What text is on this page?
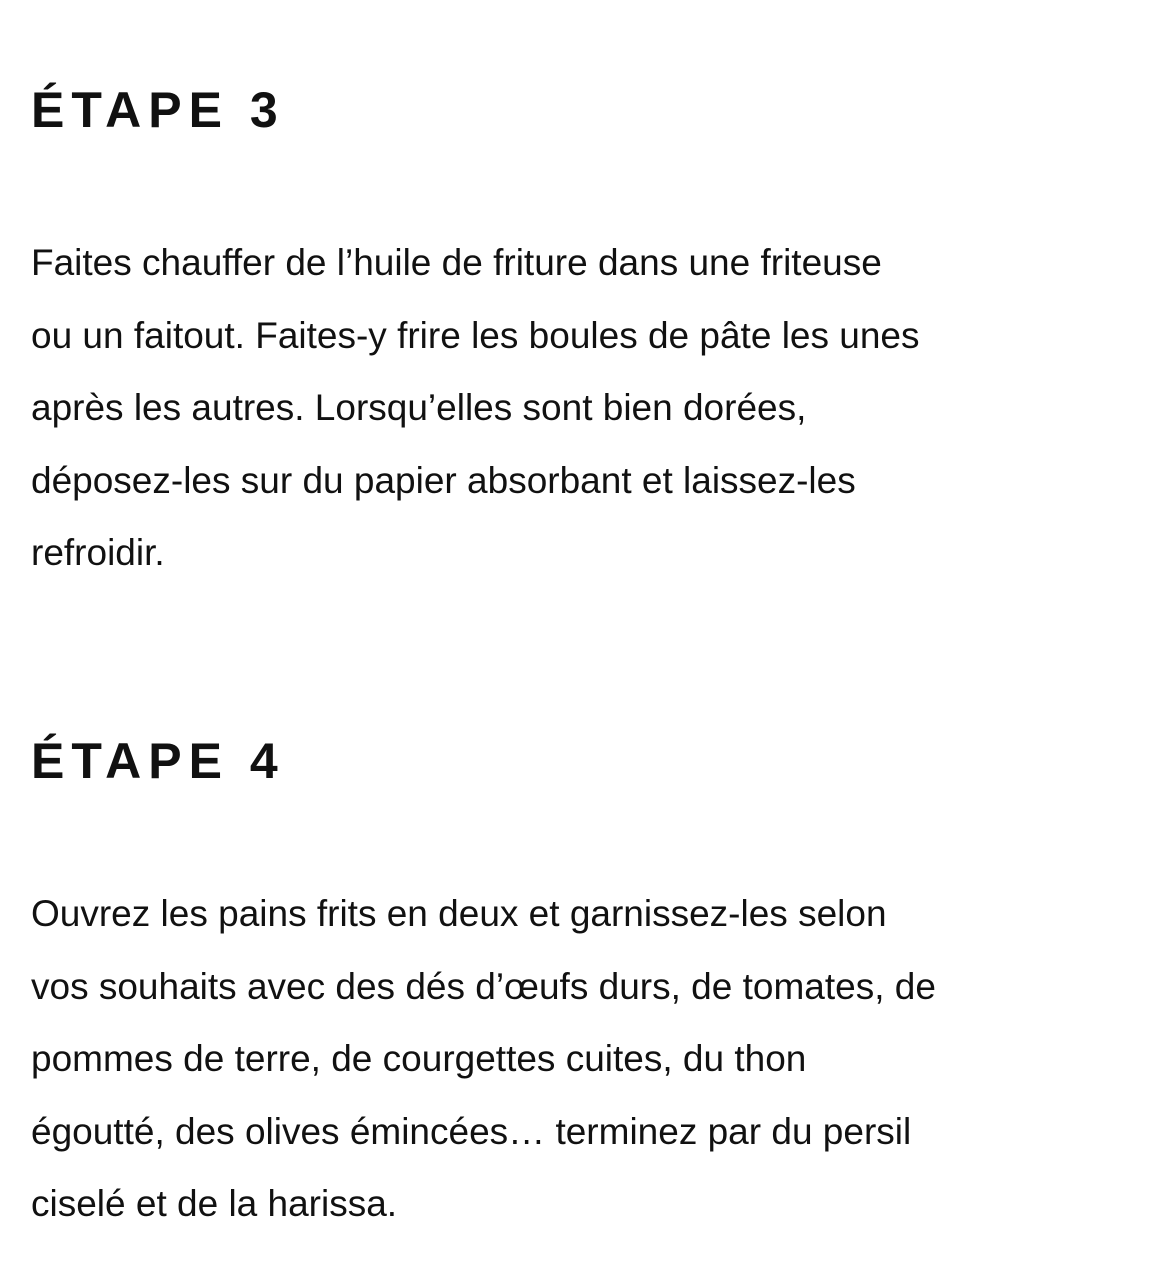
ÉTAPE 3

Faites chauffer de l’huile de friture dans une friteuse
ou un faitout. Faites-y frire les boules de pâte les unes
après les autres. Lorsqu’elles sont bien dorées,
déposez-les sur du papier absorbant et laissez-les
refroidir.

ÉTAPE 4

Ouvrez les pains frits en deux et garnissez-les selon
vos souhaits avec des dés d’œufs durs, de tomates, de
pommes de terre, de courgettes cuites, du thon
égoutté, des olives émincées… terminez par du persil
ciselé et de la harissa.
